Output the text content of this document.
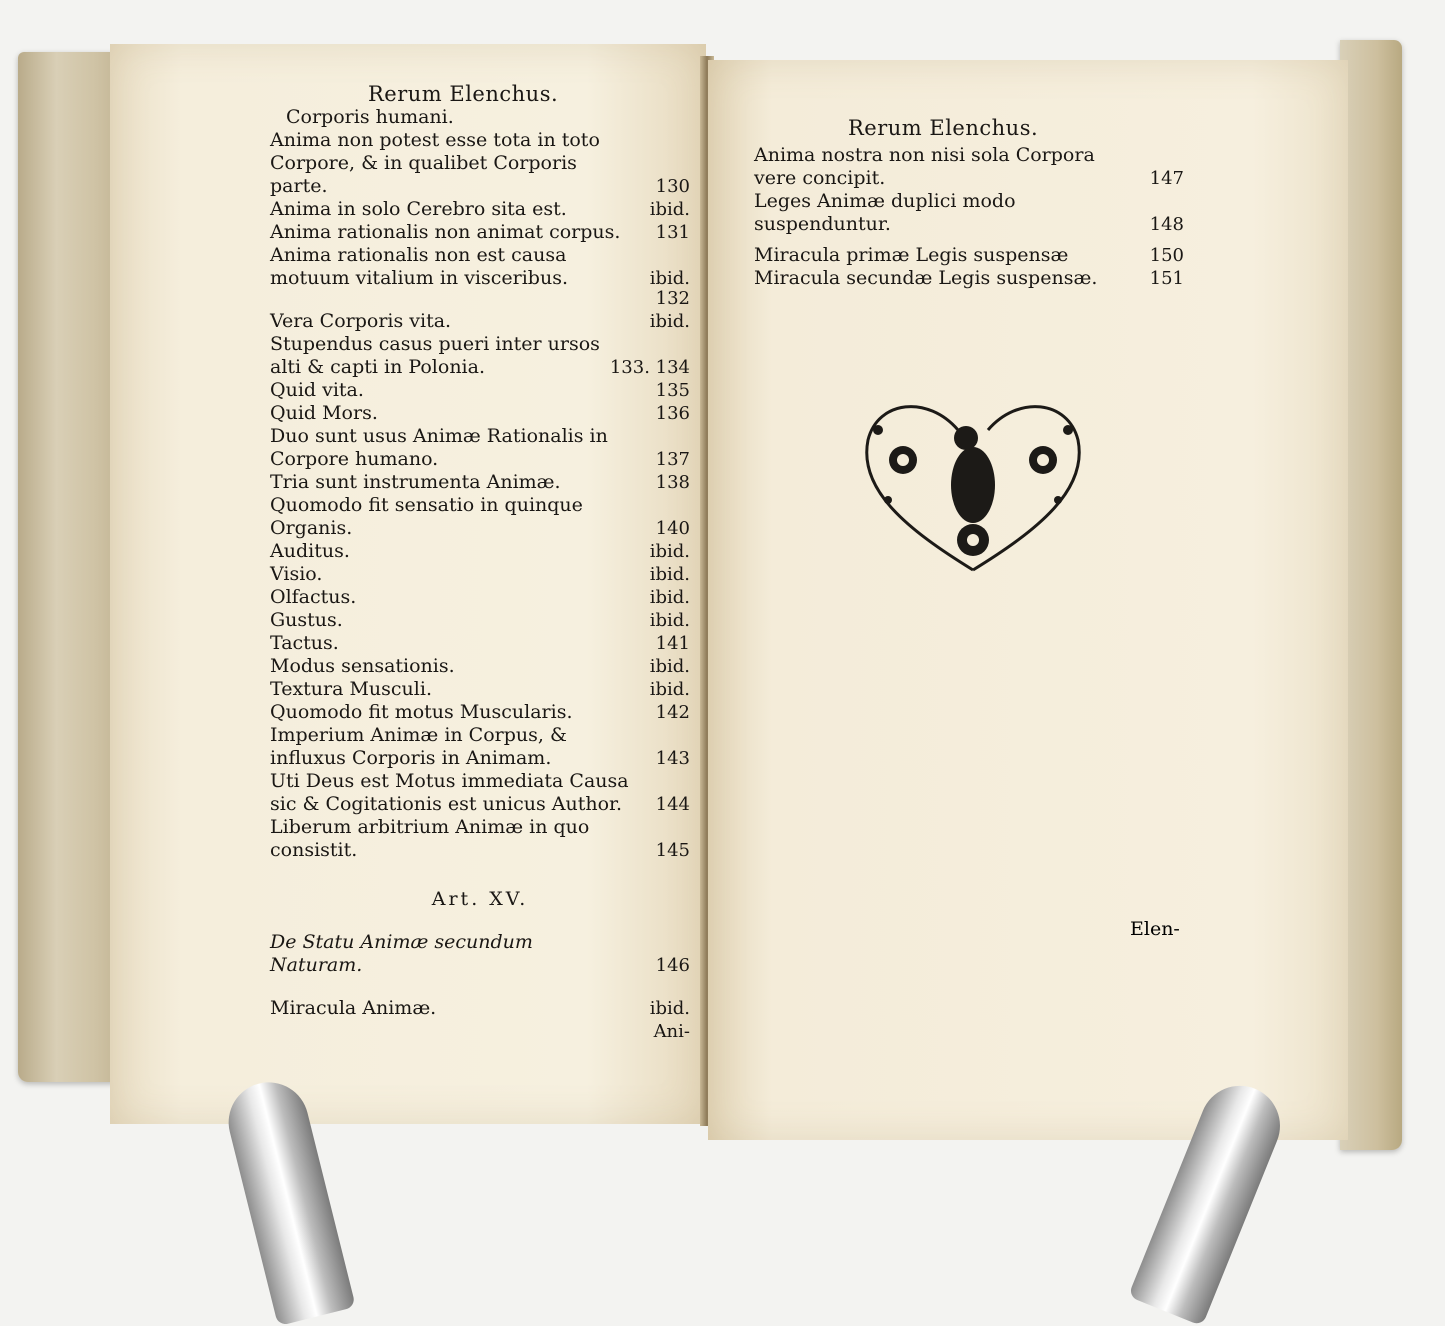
Rerum Elenchus.
Corporis humani.
Anima non potest esse tota in toto Corpore, & in qualibet Corporis parte.	130
Anima in solo Cerebro sita est.	ibid.
Anima rationalis non animat corpus.	131
Anima rationalis non est causa motuum vitalium in visceribus.	ibid.
132
Vera Corporis vita.	ibid.
Stupendus casus pueri inter ursos alti & capti in Polonia.	133. 134
Quid vita.	135
Quid Mors.	136
Duo sunt usus Animæ Rationalis in Corpore humano.	137
Tria sunt instrumenta Animæ.	138
Quomodo fit sensatio in quinque Organis.	140
Auditus.	ibid.
Visio.	ibid.
Olfactus.	ibid.
Gustus.	ibid.
Tactus.	141
Modus sensationis.	ibid.
Textura Musculi.	ibid.
Quomodo fit motus Muscularis.	142
Imperium Animæ in Corpus, & influxus Corporis in Animam.	143
Uti Deus est Motus immediata Causa sic & Cogitationis est unicus Author.	144
Liberum arbitrium Animæ in quo consistit.	145
Art. XV.
De Statu Animæ secundum Naturam.	146
Miracula Animæ.	ibid.
Ani-
Rerum Elenchus.
Anima nostra non nisi sola Corpora vere concipit.	147
Leges Animæ duplici modo suspenduntur.	148
Miracula primæ Legis suspensæ	150
Miracula secundæ Legis suspensæ.	151
Elen-
